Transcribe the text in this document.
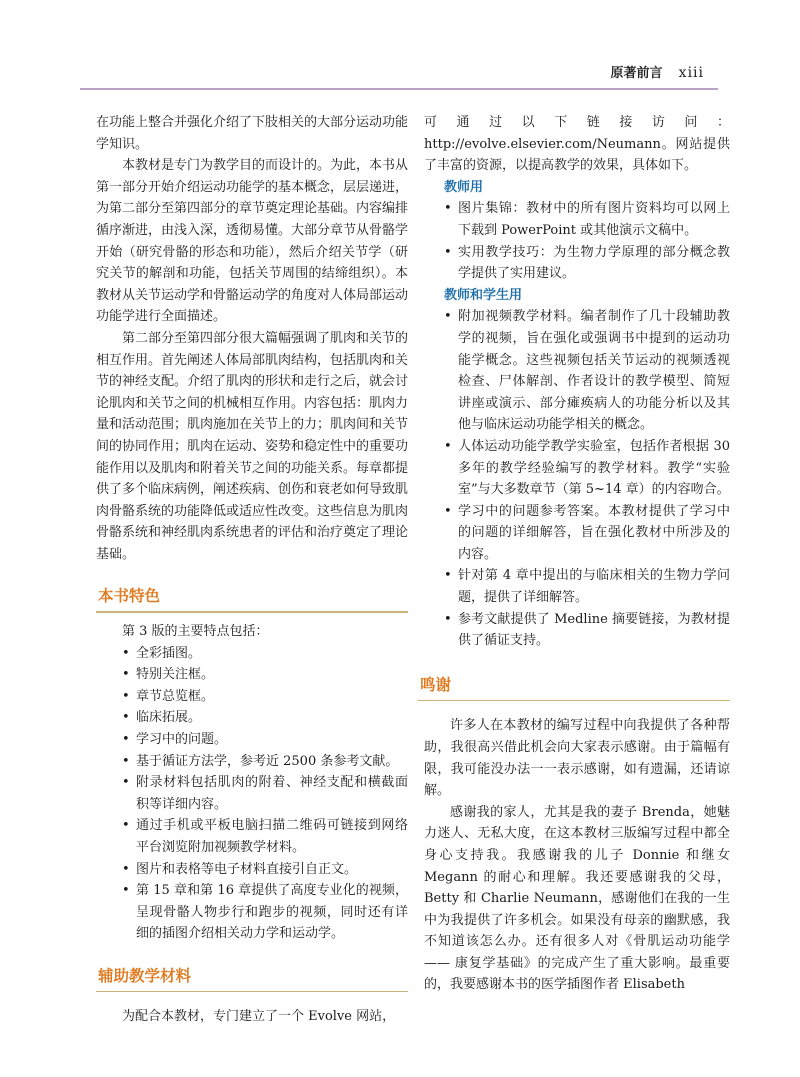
原著前言 xiii

在功能上整合并强化介绍了下肢相关的大部分运动功能学知识。

本教材是专门为教学目的而设计的。为此，本书从第一部分开始介绍运动功能学的基本概念，层层递进，为第二部分至第四部分的章节奠定理论基础。内容编排循序渐进，由浅入深，透彻易懂。大部分章节从骨骼学开始（研究骨骼的形态和功能），然后介绍关节学（研究关节的解剖和功能，包括关节周围的结缔组织）。本教材从关节运动学和骨骼运动学的角度对人体局部运动功能学进行全面描述。

第二部分至第四部分很大篇幅强调了肌肉和关节的相互作用。首先阐述人体局部肌肉结构，包括肌肉和关节的神经支配。介绍了肌肉的形状和走行之后，就会讨论肌肉和关节之间的机械相互作用。内容包括：肌肉力量和活动范围；肌肉施加在关节上的力；肌肉间和关节间的协同作用；肌肉在运动、姿势和稳定性中的重要功能作用以及肌肉和附着关节之间的功能关系。每章都提供了多个临床病例，阐述疾病、创伤和衰老如何导致肌肉骨骼系统的功能降低或适应性改变。这些信息为肌肉骨骼系统和神经肌肉系统患者的评估和治疗奠定了理论基础。

本书特色

第 3 版的主要特点包括：

• 全彩插图。
• 特别关注框。
• 章节总览框。
• 临床拓展。
• 学习中的问题。
• 基于循证方法学，参考近 2500 条参考文献。
• 附录材料包括肌肉的附着、神经支配和横截面积等详细内容。
• 通过手机或平板电脑扫描二维码可链接到网络平台浏览附加视频教学材料。
• 图片和表格等电子材料直接引自正文。
• 第 15 章和第 16 章提供了高度专业化的视频，呈现骨骼人物步行和跑步的视频，同时还有详细的插图介绍相关动力学和运动学。
辅助教学材料

为配合本教材，专门建立了一个 Evolve 网站，

可通过以下链接访问：http://evolve.elsevier.com/Neumann。网站提供了丰富的资源，以提高教学的效果，具体如下。

教师用
• 图片集锦：教材中的所有图片资料均可以网上下载到 PowerPoint 或其他演示文稿中。
• 实用教学技巧：为生物力学原理的部分概念教学提供了实用建议。
教师和学生用
• 附加视频教学材料。编者制作了几十段辅助教学的视频，旨在强化或强调书中提到的运动功能学概念。这些视频包括关节运动的视频透视检查、尸体解剖、作者设计的教学模型、简短讲座或演示、部分瘫痪病人的功能分析以及其他与临床运动功能学相关的概念。
• 人体运动功能学教学实验室，包括作者根据 30 多年的教学经验编写的教学材料。教学“实验室”与大多数章节（第 5~14 章）的内容吻合。
• 学习中的问题参考答案。本教材提供了学习中的问题的详细解答，旨在强化教材中所涉及的内容。
• 针对第 4 章中提出的与临床相关的生物力学问题，提供了详细解答。
• 参考文献提供了 Medline 摘要链接，为教材提供了循证支持。
鸣谢

许多人在本教材的编写过程中向我提供了各种帮助，我很高兴借此机会向大家表示感谢。由于篇幅有限，我可能没办法一一表示感谢，如有遗漏，还请谅解。

感谢我的家人，尤其是我的妻子 Brenda，她魅力迷人、无私大度，在这本教材三版编写过程中都全身心支持我。我感谢我的儿子 Donnie 和继女 Megann 的耐心和理解。我还要感谢我的父母，Betty 和 Charlie Neumann，感谢他们在我的一生中为我提供了许多机会。如果没有母亲的幽默感，我不知道该怎么办。还有很多人对《骨肌运动功能学 —— 康复学基础》的完成产生了重大影响。最重要的，我要感谢本书的医学插图作者 Elisabeth
